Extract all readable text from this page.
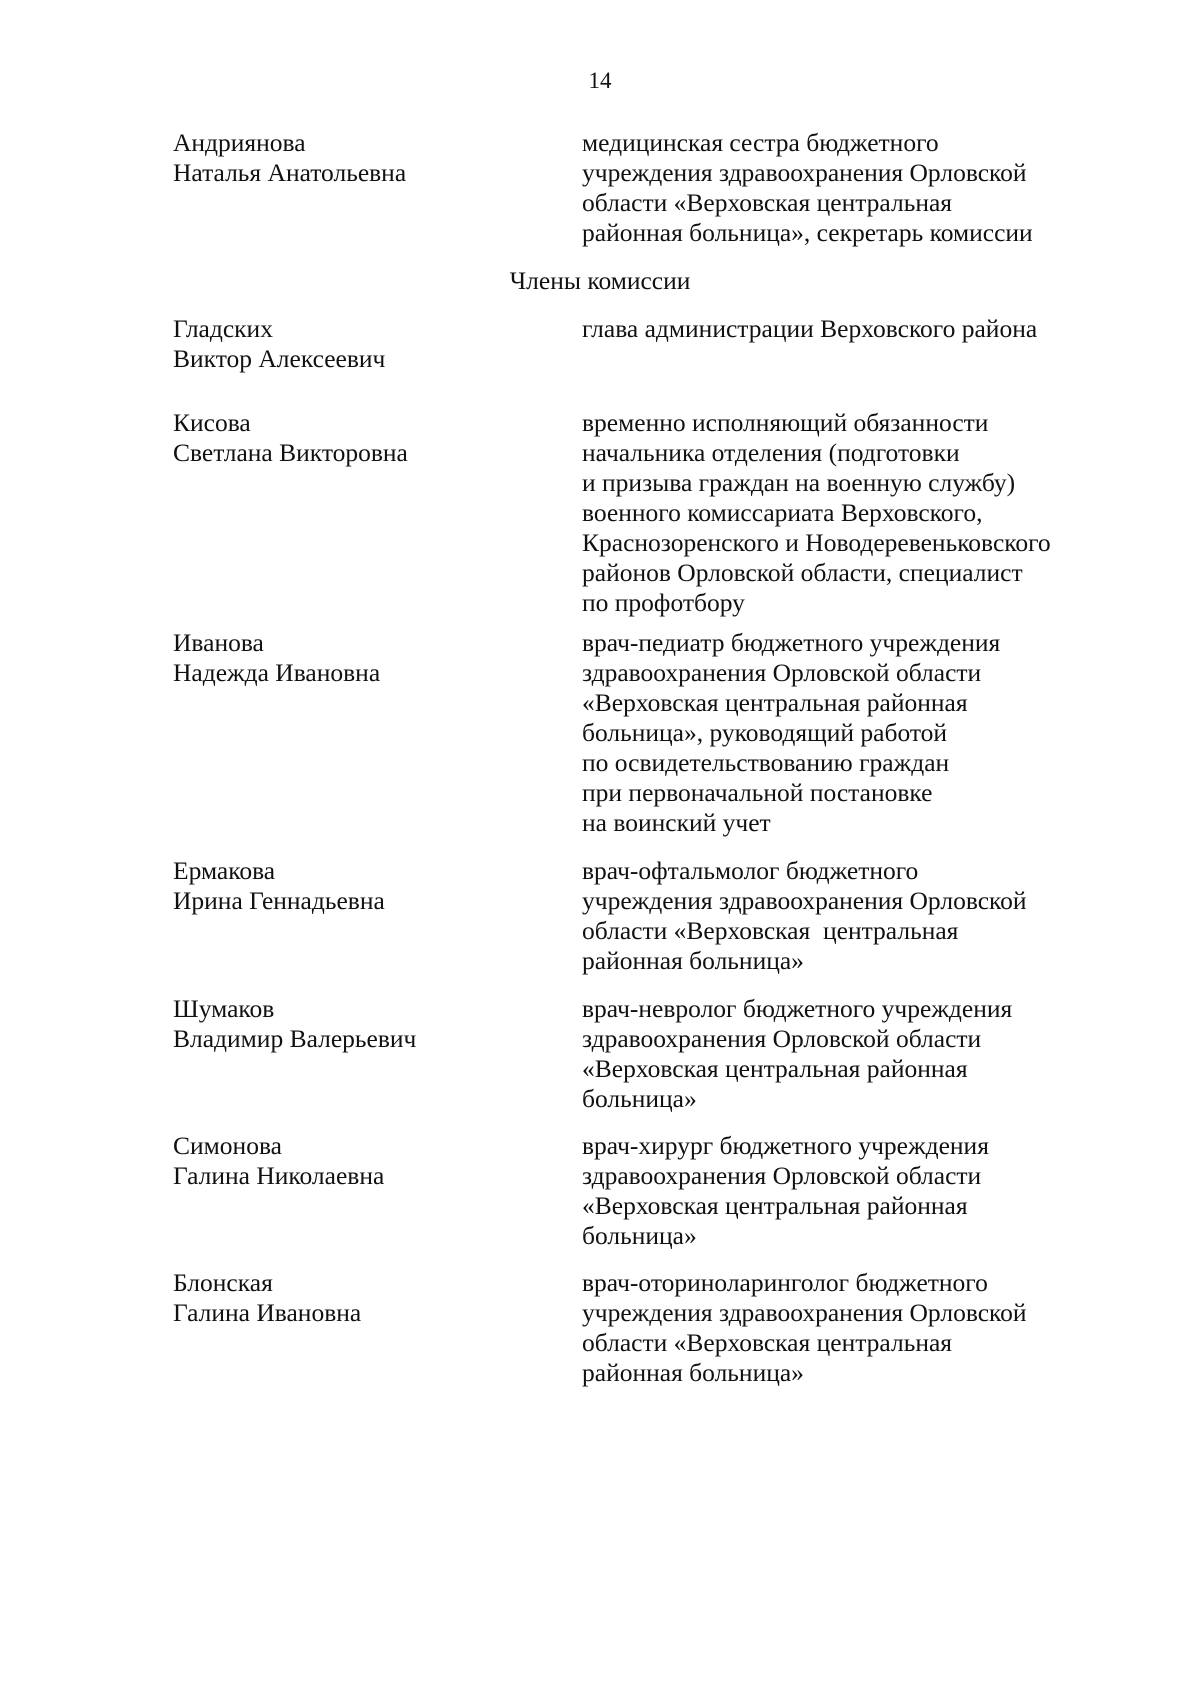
14
Андриянова
Наталья Анатольевна
медицинская сестра бюджетного
учреждения здравоохранения Орловской
области «Верховская центральная
районная больница», секретарь комиссии
Члены комиссии
Гладских
Виктор Алексеевич
глава администрации Верховского района
Кисова
Светлана Викторовна
временно исполняющий обязанности
начальника отделения (подготовки
и призыва граждан на военную службу)
военного комиссариата Верховского,
Краснозоренского и Новодеревеньковского
районов Орловской области, специалист
по профотбору
Иванова
Надежда Ивановна
врач-педиатр бюджетного учреждения
здравоохранения Орловской области
«Верховская центральная районная
больница», руководящий работой
по освидетельствованию граждан
при первоначальной постановке
на воинский учет
Ермакова
Ирина Геннадьевна
врач-офтальмолог бюджетного
учреждения здравоохранения Орловской
области «Верховская  центральная
районная больница»
Шумаков
Владимир Валерьевич
врач-невролог бюджетного учреждения
здравоохранения Орловской области
«Верховская центральная районная
больница»
Симонова
Галина Николаевна
врач-хирург бюджетного учреждения
здравоохранения Орловской области
«Верховская центральная районная
больница»
Блонская
Галина Ивановна
врач-оториноларинголог бюджетного
учреждения здравоохранения Орловской
области «Верховская центральная
районная больница»
